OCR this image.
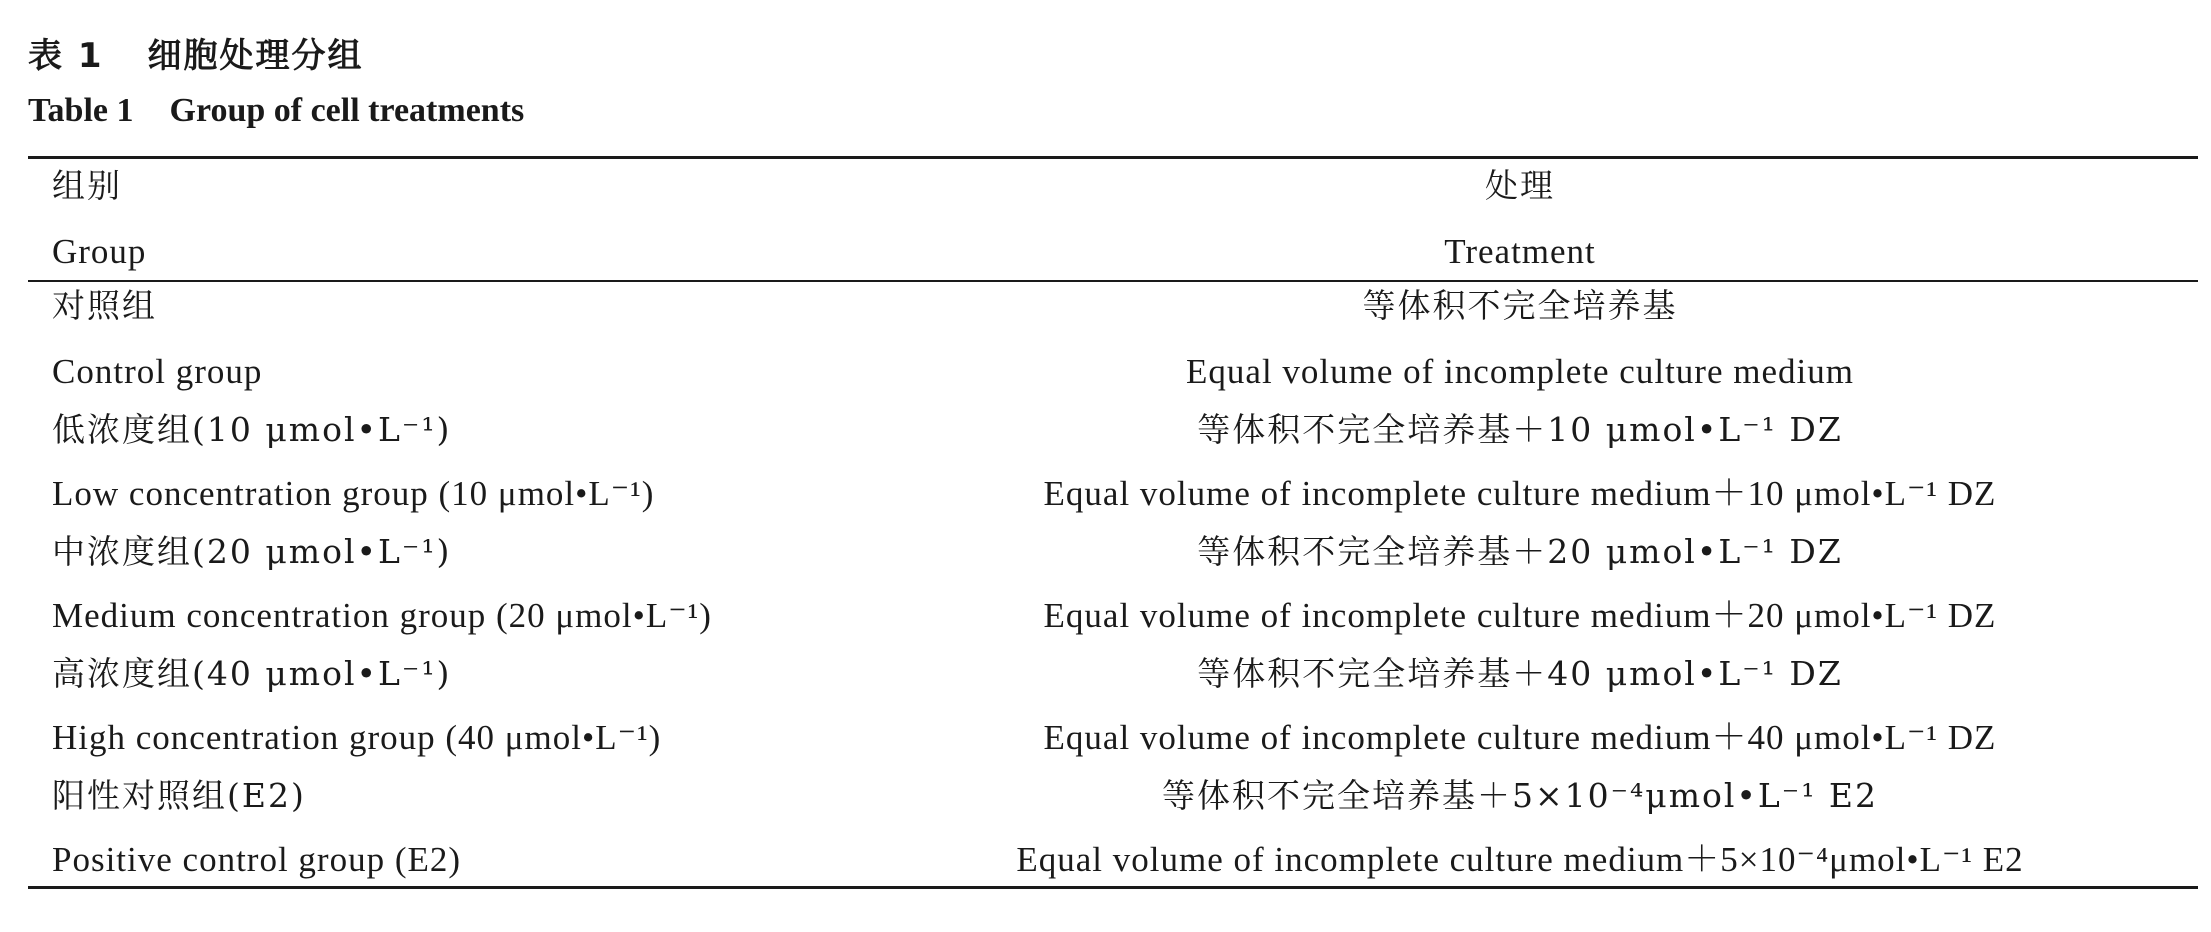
表 1 细胞处理分组
Table 1 Group of cell treatments
组别	处理
Group	Treatment
对照组	等体积不完全培养基
Control group	Equal volume of incomplete culture medium
低浓度组(10 μmol•L⁻¹)	等体积不完全培养基＋10 μmol•L⁻¹ DZ
Low concentration group (10 μmol•L⁻¹)	Equal volume of incomplete culture medium＋10 μmol•L⁻¹ DZ
中浓度组(20 μmol•L⁻¹)	等体积不完全培养基＋20 μmol•L⁻¹ DZ
Medium concentration group (20 μmol•L⁻¹)	Equal volume of incomplete culture medium＋20 μmol•L⁻¹ DZ
高浓度组(40 μmol•L⁻¹)	等体积不完全培养基＋40 μmol•L⁻¹ DZ
High concentration group (40 μmol•L⁻¹)	Equal volume of incomplete culture medium＋40 μmol•L⁻¹ DZ
阳性对照组(E2)	等体积不完全培养基＋5×10⁻⁴μmol•L⁻¹ E2
Positive control group (E2)	Equal volume of incomplete culture medium＋5×10⁻⁴μmol•L⁻¹ E2
